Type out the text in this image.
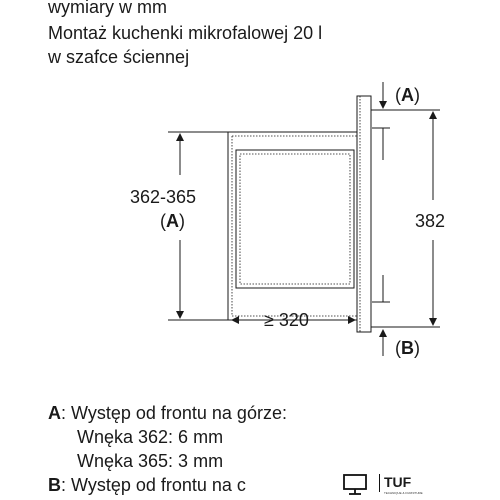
wymiary w mm
Montaż kuchenki mikrofalowej 20 l
w szafce ściennej
362-365
(A)	382
≥ 320
(A)
(B)
A: Występ od frontu na górze:
Wnęka 362: 6 mm
Wnęka 365: 3 mm
B: Występ od frontu na c	TUF
TECHNIQUE & FURNITURE
